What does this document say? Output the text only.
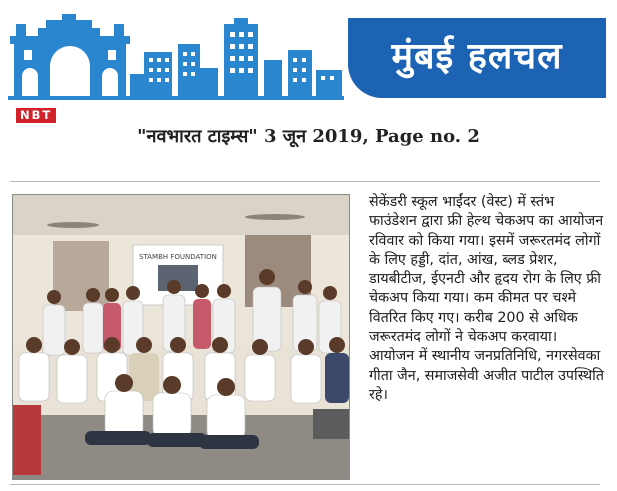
मुंबई हलचल
NBT
"नवभारत टाइम्स" 3 जून 2019, Page no. 2
STAMBH FOUNDATION

सेकेंडरी स्कूल भाईंदर (वेस्ट) में स्तंभ फाउंडेशन द्वारा फ्री हेल्थ चेकअप का आयोजन रविवार को किया गया। इसमें जरूरतमंद लोगों के लिए हड्डी, दांत, आंख, ब्लड प्रेशर, डायबीटीज, ईएनटी और हृदय रोग के लिए फ्री चेकअप किया गया। कम कीमत पर चश्मे वितरित किए गए। करीब 200 से अधिक जरूरतमंद लोगों ने चेकअप करवाया। आयोजन में स्थानीय जनप्रतिनिधि, नगरसेवका गीता जैन, समाजसेवी अजीत पाटील उपस्थिति रहे।
